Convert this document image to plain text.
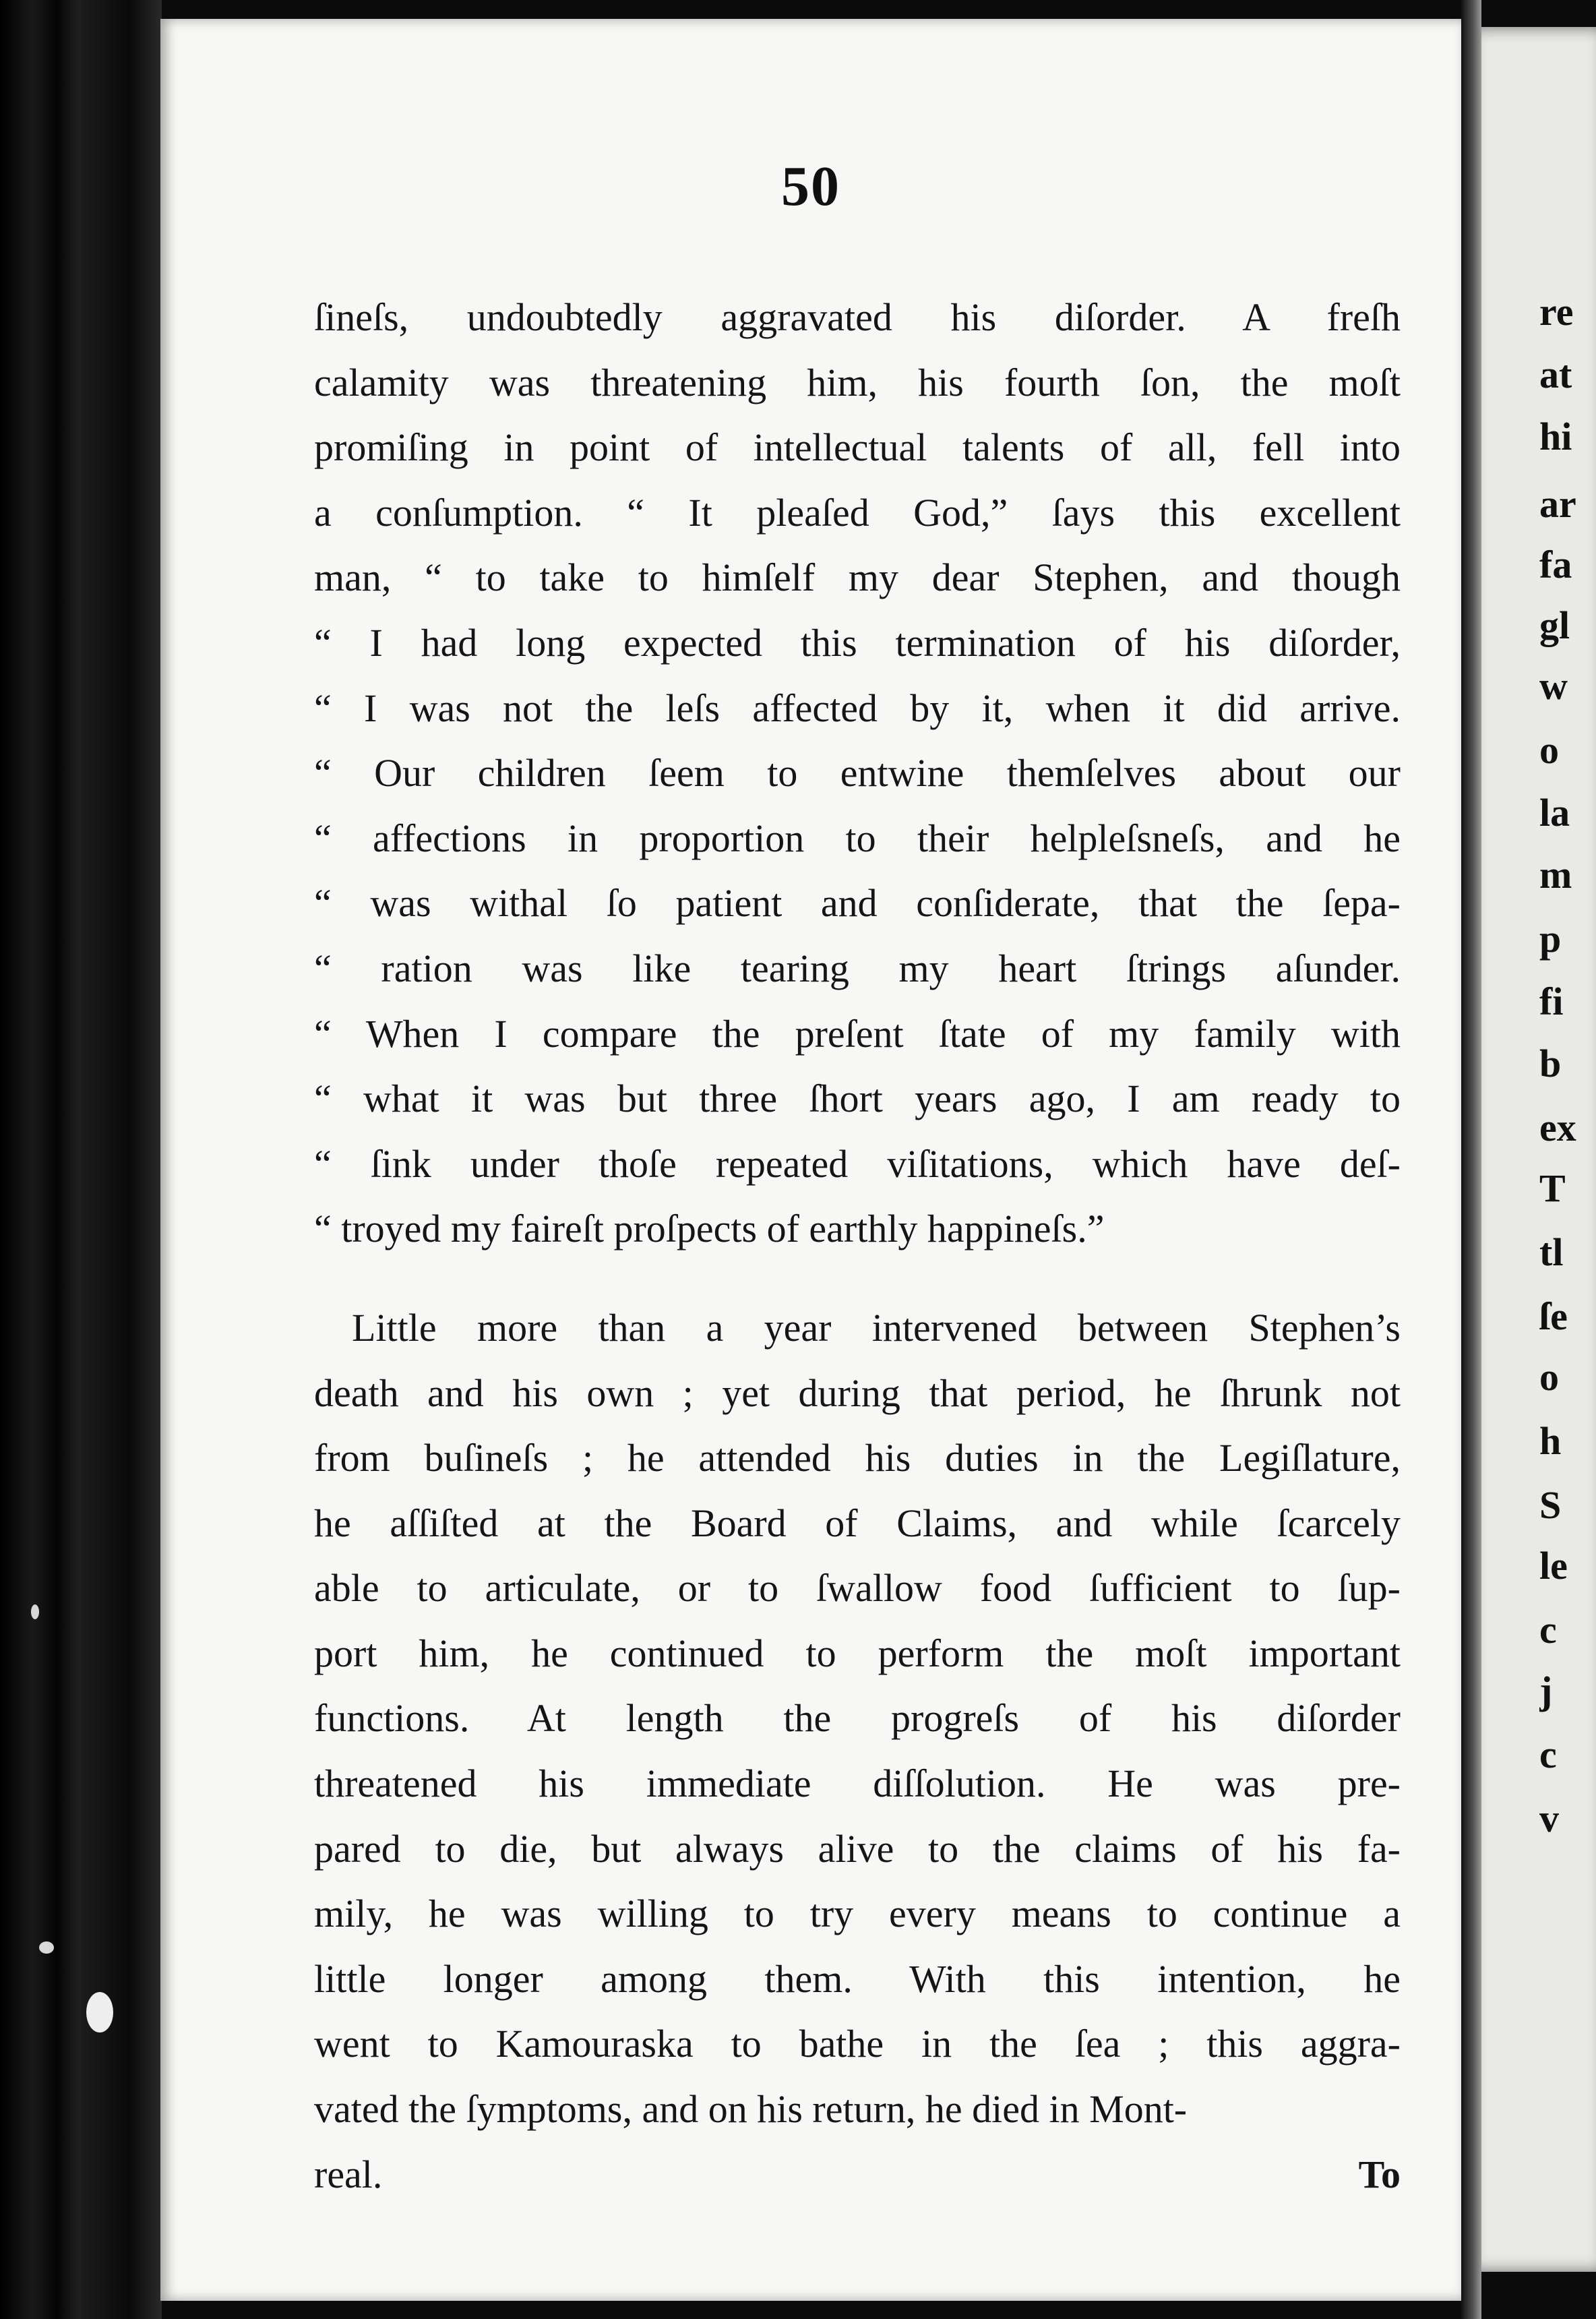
re
at
hi
ar
fa
gl
w
o
la
m
p
fi
b
ex
T
tl
ſe
o
h
S
le
c
j
c
v
50
ſineſs, undoubtedly aggravated his diſorder. A freſh
calamity was threatening him, his fourth ſon, the moſt
promiſing in point of intellectual talents of all, fell into
a conſumption. “ It pleaſed God,” ſays this excellent
man, “ to take to himſelf my dear Stephen, and though
“ I had long expected this termination of his diſorder,
“ I was not the leſs affected by it, when it did arrive.
“ Our children ſeem to entwine themſelves about our
“ affections in proportion to their helpleſsneſs, and he
“ was withal ſo patient and conſiderate, that the ſepa-
“ ration was like tearing my heart ſtrings aſunder.
“ When I compare the preſent ſtate of my family with
“ what it was but three ſhort years ago, I am ready to
“ ſink under thoſe repeated viſitations, which have deſ-
“ troyed my faireſt proſpects of earthly happineſs.”
Little more than a year intervened between Stephen’s
death and his own ; yet during that period, he ſhrunk not
from buſineſs ; he attended his duties in the Legiſlature,
he aſſiſted at the Board of Claims, and while ſcarcely
able to articulate, or to ſwallow food ſufficient to ſup-
port him, he continued to perform the moſt important
functions. At length the progreſs of his diſorder
threatened his immediate diſſolution. He was pre-
pared to die, but always alive to the claims of his fa-
mily, he was willing to try every means to continue a
little longer among them. With this intention, he
went to Kamouraska to bathe in the ſea ; this aggra-
vated the ſymptoms, and on his return, he died in Mont-
real.	To
